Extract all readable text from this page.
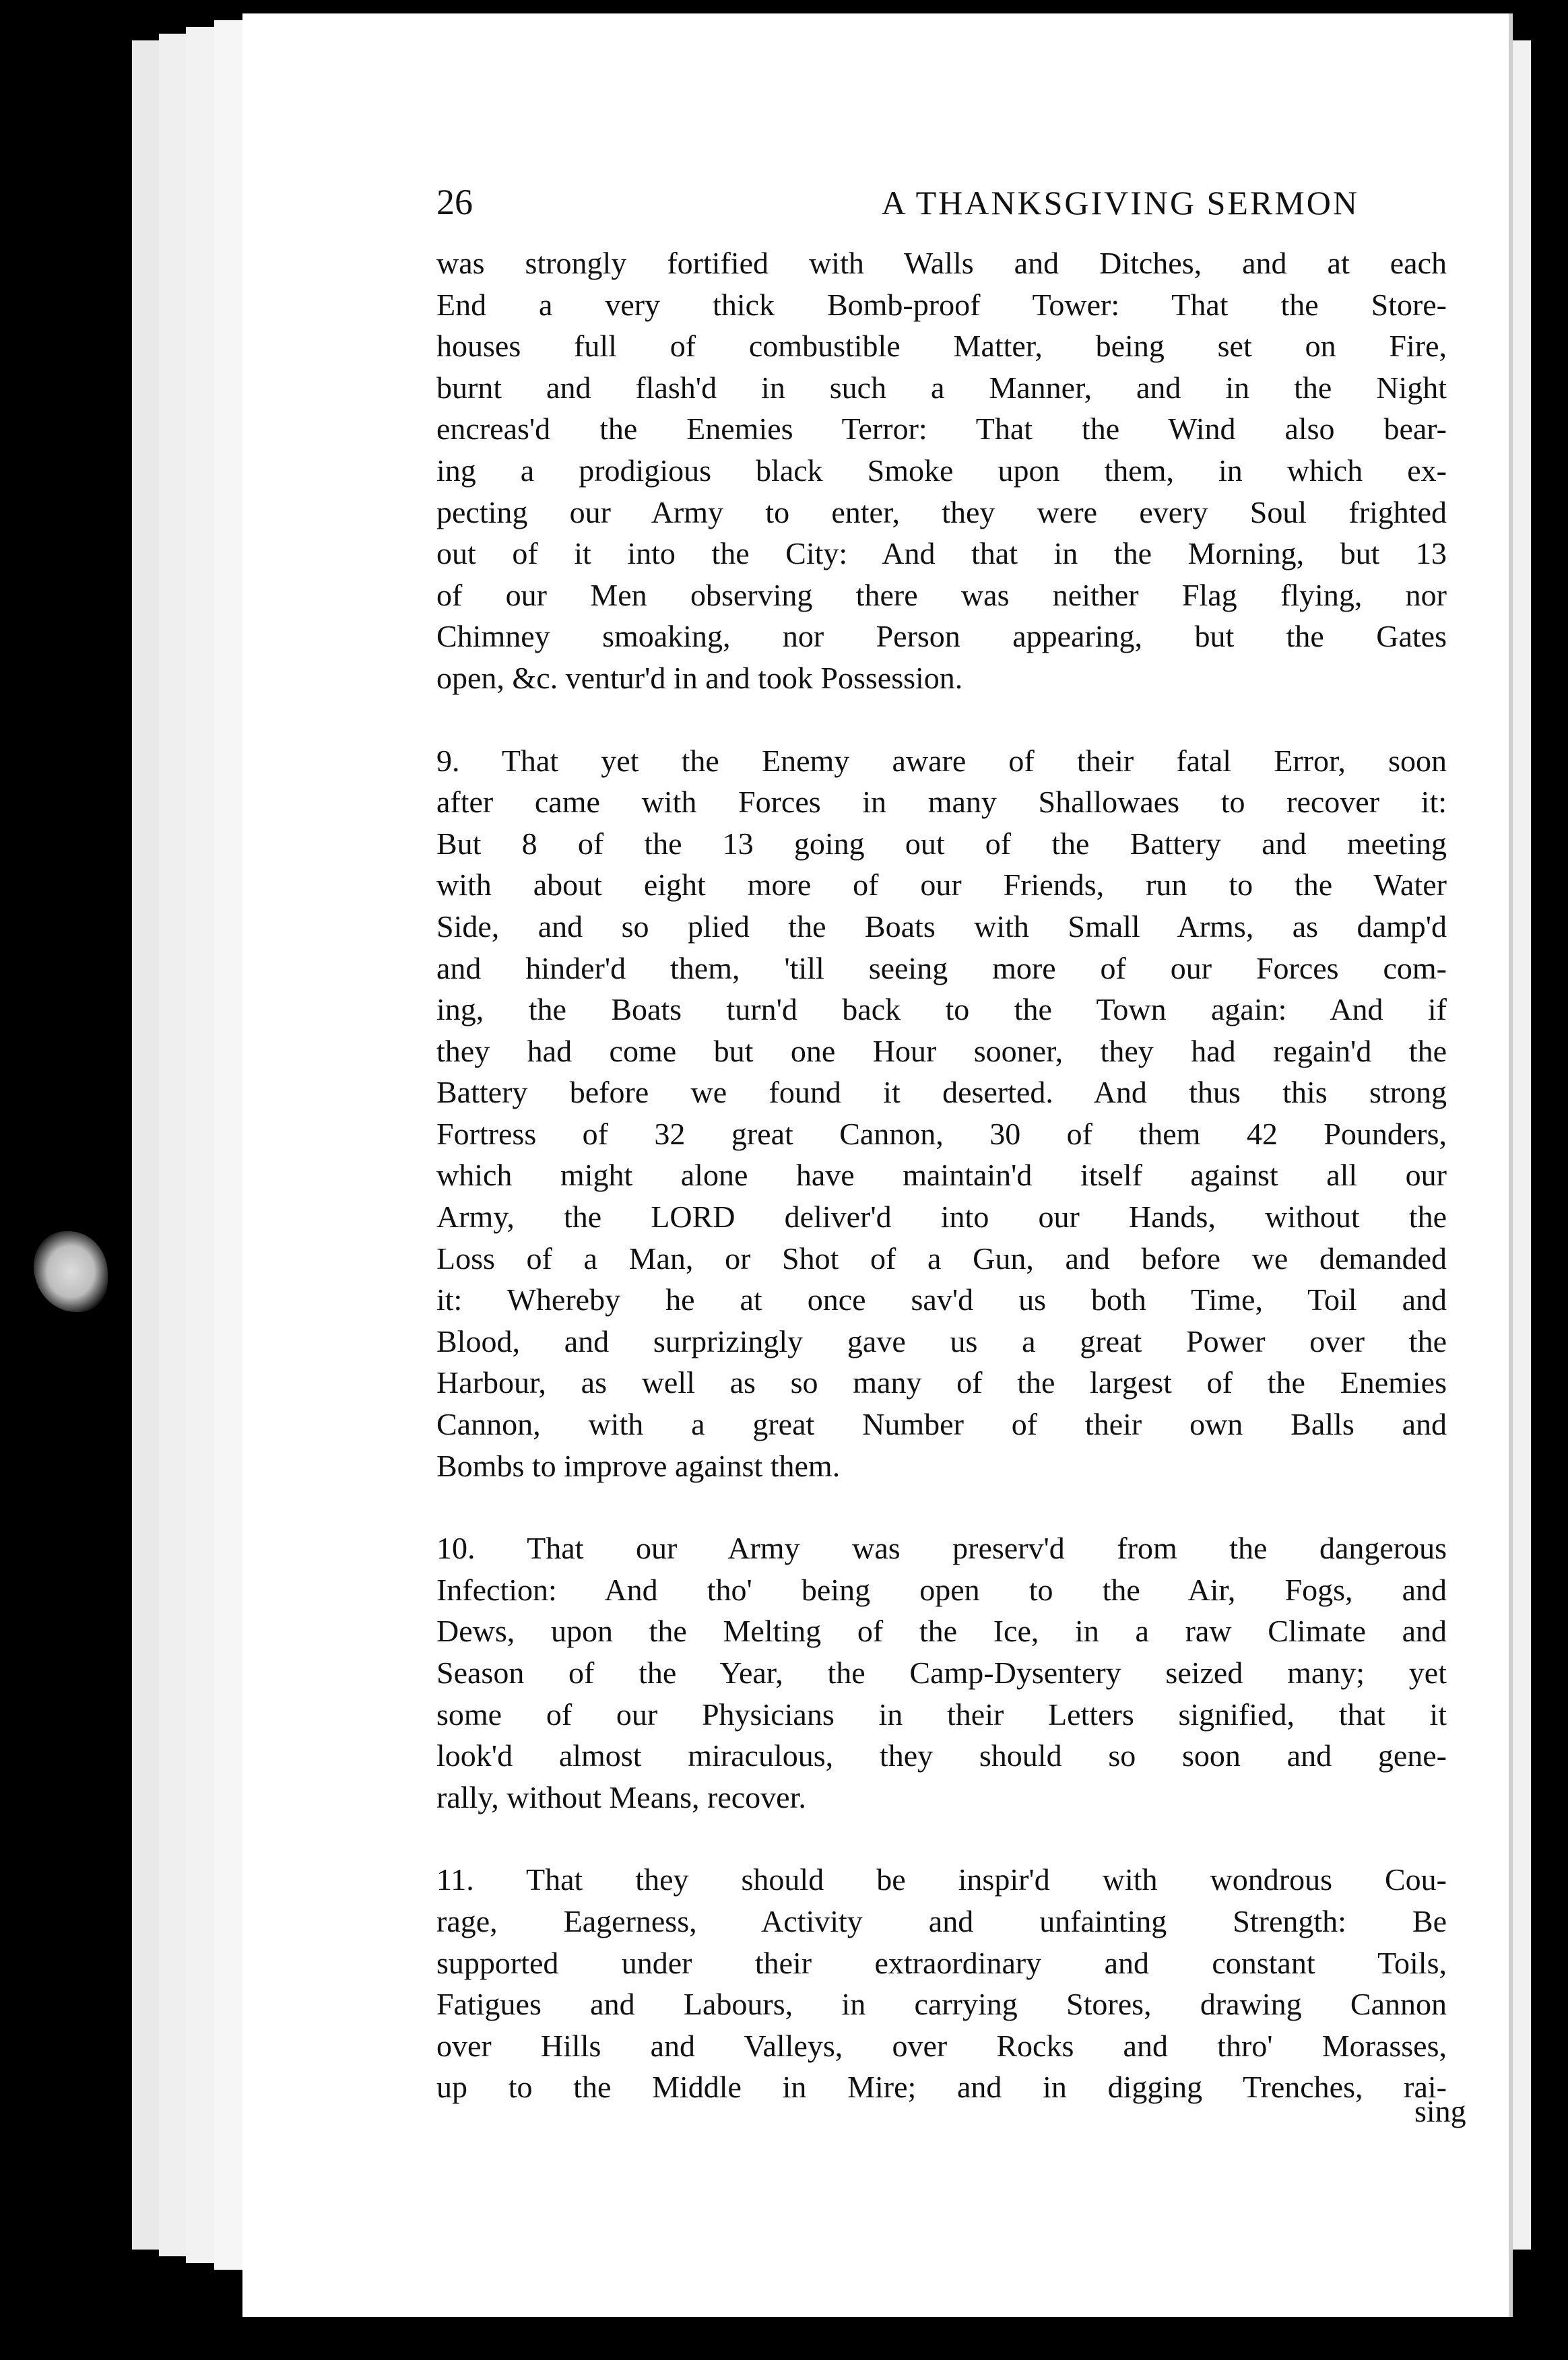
26	A THANKSGIVING SERMON
was strongly fortified with Walls and Ditches, and at each
End a very thick Bomb-proof Tower: That the Store-
houses full of combustible Matter, being set on Fire,
burnt and flash'd in such a Manner, and in the Night
encreas'd the Enemies Terror: That the Wind also bear-
ing a prodigious black Smoke upon them, in which ex-
pecting our Army to enter, they were every Soul frighted
out of it into the City: And that in the Morning, but 13
of our Men observing there was neither Flag flying, nor
Chimney smoaking, nor Person appearing, but the Gates
open, &c. ventur'd in and took Possession.
9. That yet the Enemy aware of their fatal Error, soon
after came with Forces in many Shallowaes to recover it:
But 8 of the 13 going out of the Battery and meeting
with about eight more of our Friends, run to the Water
Side, and so plied the Boats with Small Arms, as damp'd
and hinder'd them, 'till seeing more of our Forces com-
ing, the Boats turn'd back to the Town again: And if
they had come but one Hour sooner, they had regain'd the
Battery before we found it deserted. And thus this strong
Fortress of 32 great Cannon, 30 of them 42 Pounders,
which might alone have maintain'd itself against all our
Army, the LORD deliver'd into our Hands, without the
Loss of a Man, or Shot of a Gun, and before we demanded
it: Whereby he at once sav'd us both Time, Toil and
Blood, and surprizingly gave us a great Power over the
Harbour, as well as so many of the largest of the Enemies
Cannon, with a great Number of their own Balls and
Bombs to improve against them.
10. That our Army was preserv'd from the dangerous
Infection: And tho' being open to the Air, Fogs, and
Dews, upon the Melting of the Ice, in a raw Climate and
Season of the Year, the Camp-Dysentery seized many; yet
some of our Physicians in their Letters signified, that it
look'd almost miraculous, they should so soon and gene-
rally, without Means, recover.
11. That they should be inspir'd with wondrous Cou-
rage, Eagerness, Activity and unfainting Strength: Be
supported under their extraordinary and constant Toils,
Fatigues and Labours, in carrying Stores, drawing Cannon
over Hills and Valleys, over Rocks and thro' Morasses,
up to the Middle in Mire; and in digging Trenches, rai-
sing
